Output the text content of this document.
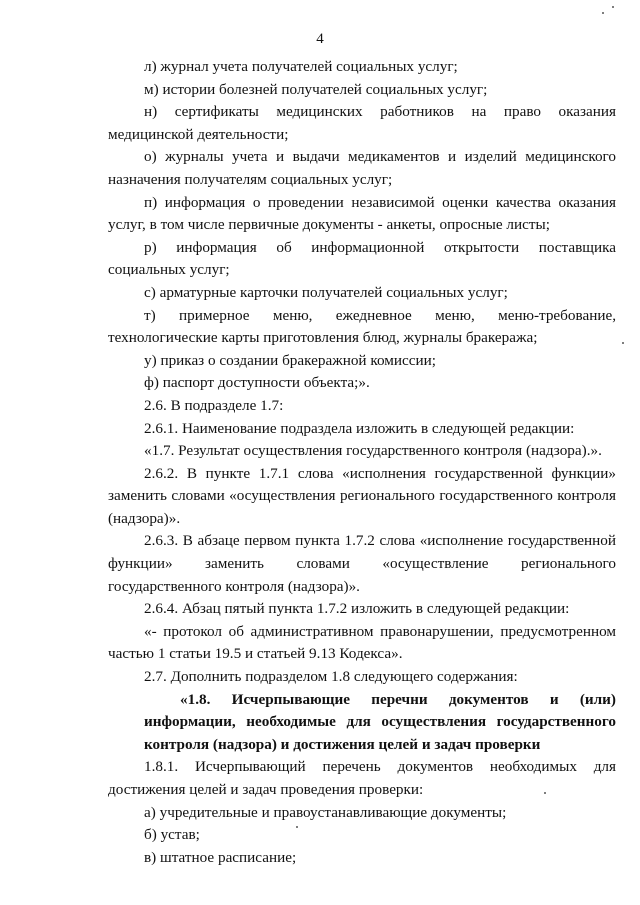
4

л) журнал учета получателей социальных услуг;

м) истории болезней получателей социальных услуг;

н) сертификаты медицинских работников на право оказания медицинской деятельности;

о) журналы учета и выдачи медикаментов и изделий медицинского назначения получателям социальных услуг;

п) информация о проведении независимой оценки качества оказания услуг, в том числе первичные документы - анкеты, опросные листы;

р) информация об информационной открытости поставщика социальных услуг;

с) арматурные карточки получателей социальных услуг;

т) примерное меню, ежедневное меню, меню-требование, технологические карты приготовления блюд, журналы бракеража;

у) приказ о создании бракеражной комиссии;

ф) паспорт доступности объекта;».

2.6. В подразделе 1.7:

2.6.1. Наименование подраздела изложить в следующей редакции:

«1.7. Результат осуществления государственного контроля (надзора).».

2.6.2. В пункте 1.7.1 слова «исполнения государственной функции» заменить словами «осуществления регионального государственного контроля (надзора)».

2.6.3. В абзаце первом пункта 1.7.2 слова «исполнение государственной функции» заменить словами «осуществление регионального государственного контроля (надзора)».

2.6.4. Абзац пятый пункта 1.7.2 изложить в следующей редакции:

«- протокол об административном правонарушении, предусмотренном частью 1 статьи 19.5 и статьей 9.13 Кодекса».

2.7. Дополнить подразделом 1.8 следующего содержания:

«1.8. Исчерпывающие перечни документов и (или) информации, необходимые для осуществления государственного контроля (надзора) и достижения целей и задач проверки

1.8.1. Исчерпывающий перечень документов необходимых для достижения целей и задач проведения проверки:

а) учредительные и правоустанавливающие документы;

б) устав;

в) штатное расписание;
